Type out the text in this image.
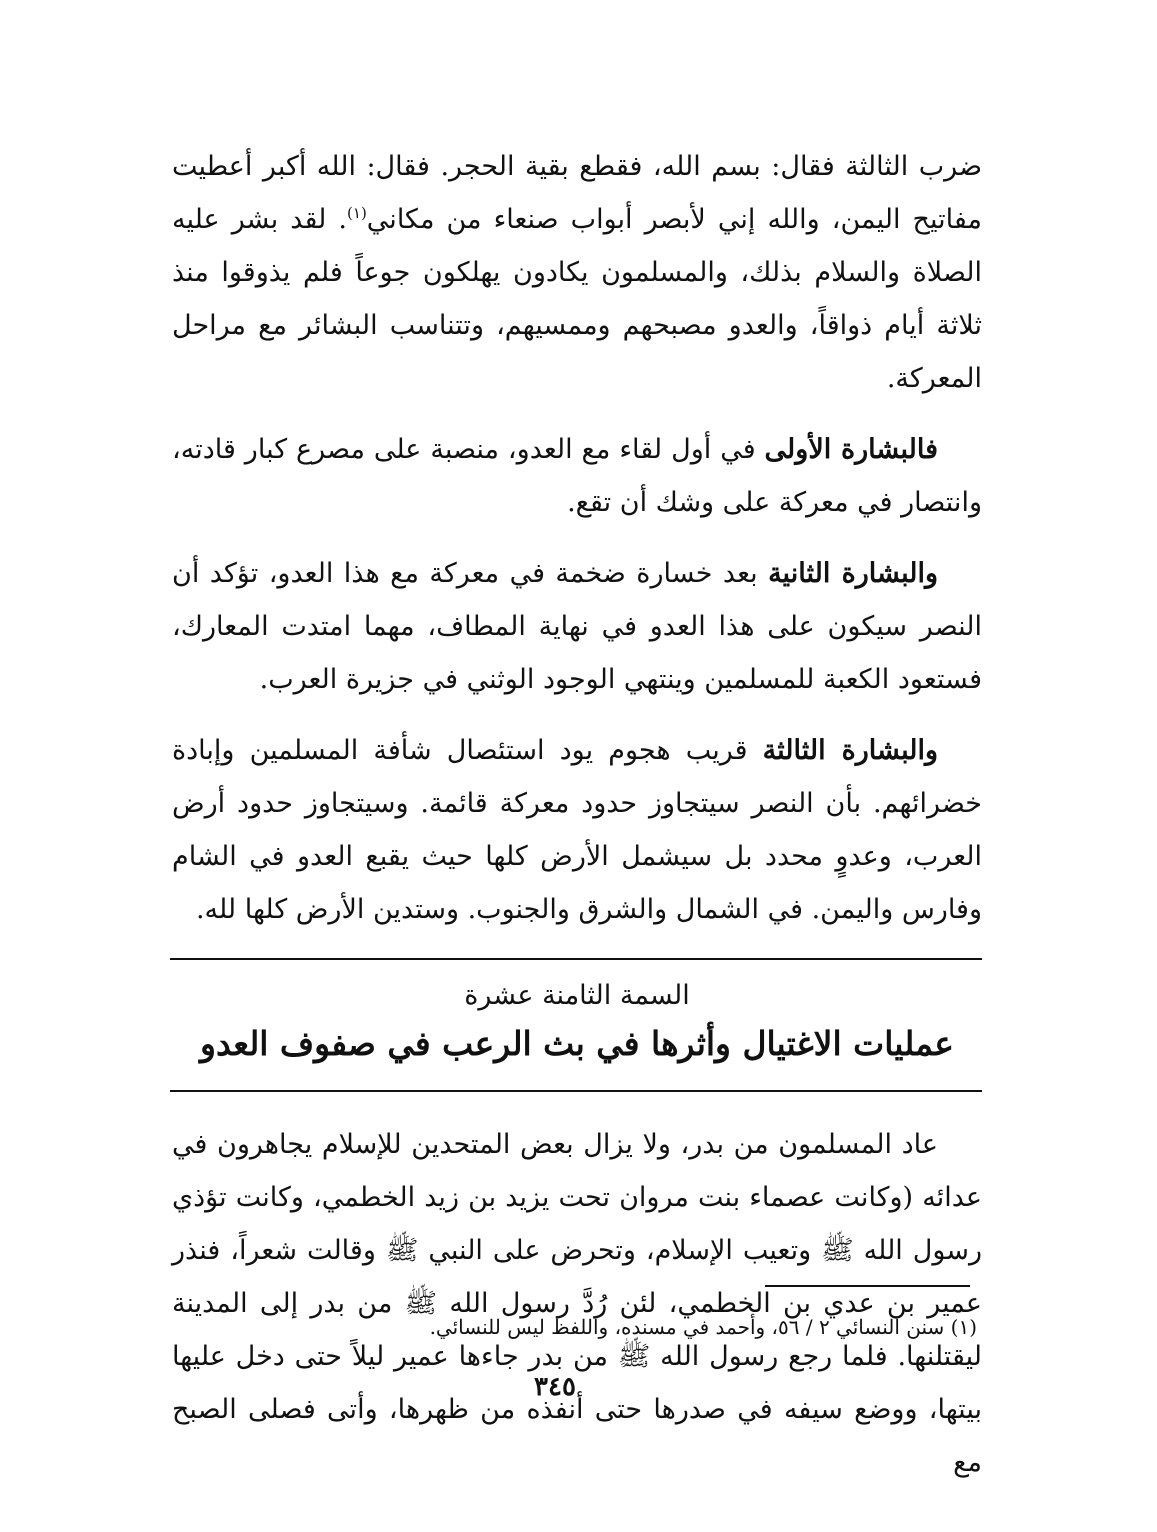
ضرب الثالثة فقال: بسم الله، فقطع بقية الحجر. فقال: الله أكبر أعطيت مفاتيح اليمن، والله إني لأبصر أبواب صنعاء من مكاني$^{(١)}$. لقد بشر عليه الصلاة والسلام بذلك، والمسلمون يكادون يهلكون جوعاً فلم يذوقوا منذ ثلاثة أيام ذواقاً، والعدو مصبحهم وممسيهم، وتتناسب البشائر مع مراحل المعركة.

فالبشارة الأولى في أول لقاء مع العدو، منصبة على مصرع كبار قادته، وانتصار في معركة على وشك أن تقع.

والبشارة الثانية بعد خسارة ضخمة في معركة مع هذا العدو، تؤكد أن النصر سيكون على هذا العدو في نهاية المطاف، مهما امتدت المعارك، فستعود الكعبة للمسلمين وينتهي الوجود الوثني في جزيرة العرب.

والبشارة الثالثة قريب هجوم يود استئصال شأفة المسلمين وإبادة خضرائهم. بأن النصر سيتجاوز حدود معركة قائمة. وسيتجاوز حدود أرض العرب، وعدوٍ محدد بل سيشمل الأرض كلها حيث يقبع العدو في الشام وفارس واليمن. في الشمال والشرق والجنوب. وستدين الأرض كلها لله.

السمة الثامنة عشرة
عمليات الاغتيال وأثرها في بث الرعب في صفوف العدو

عاد المسلمون من بدر، ولا يزال بعض المتحدين للإسلام يجاهرون في عدائه (وكانت عصماء بنت مروان تحت يزيد بن زيد الخطمي، وكانت تؤذي رسول الله ﷺ وتعيب الإسلام، وتحرض على النبي ﷺ وقالت شعراً، فنذر عمير بن عدي بن الخطمي، لئن رُدَّ رسول الله ﷺ من بدر إلى المدينة ليقتلنها. فلما رجع رسول الله ﷺ من بدر جاءها عمير ليلاً حتى دخل عليها بيتها، ووضع سيفه في صدرها حتى أنفذه من ظهرها، وأتى فصلى الصبح مع

(١) سنن النسائي ٢ / ٥٦، وأحمد في مسنده، واللفظ ليس للنسائي.
٣٤٥
